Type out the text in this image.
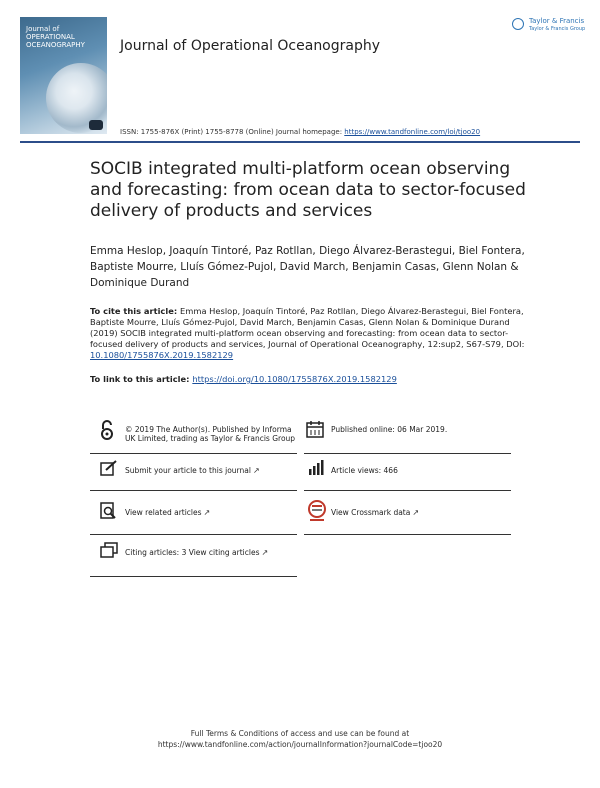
Journal of OPERATIONAL OCEANOGRAPHY	Journal of Operational Oceanography
Taylor & Francis
Taylor & Francis Group
ISSN: 1755-876X (Print) 1755-8778 (Online) Journal homepage: https://www.tandfonline.com/loi/tjoo20
SOCIB integrated multi-platform ocean observing and forecasting: from ocean data to sector-focused delivery of products and services
Emma Heslop, Joaquín Tintoré, Paz Rotllan, Diego Álvarez-Berastegui, Biel Fontera, Baptiste Mourre, Lluís Gómez-Pujol, David March, Benjamin Casas, Glenn Nolan & Dominique Durand
To cite this article: Emma Heslop, Joaquín Tintoré, Paz Rotllan, Diego Álvarez-Berastegui, Biel Fontera, Baptiste Mourre, Lluís Gómez-Pujol, David March, Benjamin Casas, Glenn Nolan & Dominique Durand (2019) SOCIB integrated multi-platform ocean observing and forecasting: from ocean data to sector-focused delivery of products and services, Journal of Operational Oceanography, 12:sup2, S67-S79, DOI: 10.1080/1755876X.2019.1582129
To link to this article: https://doi.org/10.1080/1755876X.2019.1582129
© 2019 The Author(s). Published by Informa UK Limited, trading as Taylor & Francis Group
Published online: 06 Mar 2019.
Submit your article to this journal ↗	Article views: 466
View related articles ↗	View Crossmark data ↗
Citing articles: 3 View citing articles ↗
Full Terms & Conditions of access and use can be found at
https://www.tandfonline.com/action/journalInformation?journalCode=tjoo20
